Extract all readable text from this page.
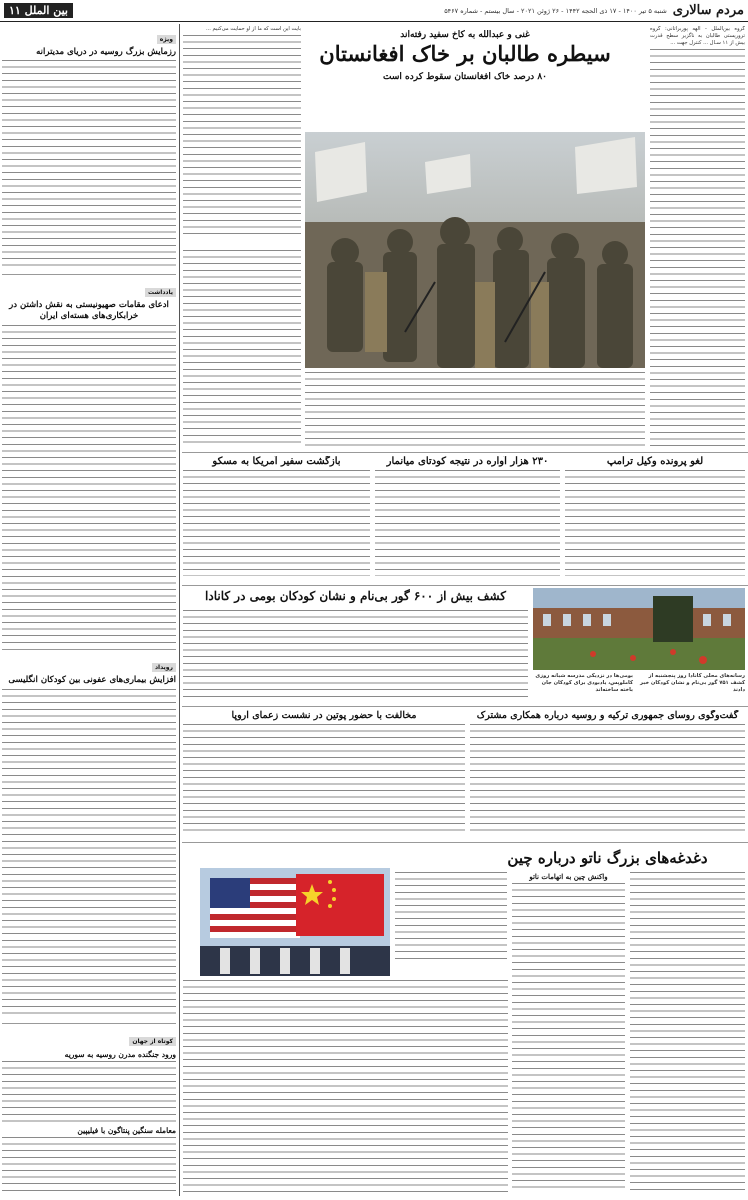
مردم سالاری
شنبه ۵ تیر ۱۴۰۰ - ۱۷ ذی الحجه ۱۴۴۲ - ۲۶ ژوئن ۲۰۲۱ - سال بیستم - شماره ۵۴۶۷
بین الملل ۱۱
ویژه
رزمایش بزرگ روسیه در دریای مدیترانه
یادداشت
ادعای مقامات صهیونیستی به نقش داشتن در خرابکاری‌های هسته‌ای ایران
رویداد
افزایش بیماری‌های عفونی بین کودکان انگلیسی
کوتاه از جهان
ورود جنگنده مدرن روسیه به سوریه
معامله سنگین پنتاگون با فیلیپین
غنی و عبدالله به کاخ سفید رفته‌اند
سیطره طالبان بر خاک افغانستان
۸۰ درصد خاک افغانستان سقوط کرده است
گروه بین‌الملل - الهه پوربراتانی: گروه تروریستی طالبان به ناگزیر سطح قدرت بیش از ۱۱ سـال ... کنترل جهت ...
بایت این است که ما از او حمایت می‌کنیم ...
لغو پرونده وکیل ترامپ
۲۳۰ هزار آواره در نتیجه کودتای میانمار
بازگشت سفیر آمریکا به مسکو
کشف بیش از ۶۰۰ گور بی‌نام و نشان کودکان بومی در کانادا
رسانه‌های محلی کانادا روز پنجشنبه از کشف ۷۵۱ گور بی‌نام و نشان کودکان خبر دادند
بومی‌ها در نزدیکی مدرسه شبانه روزی کاملوپس، یادبودی برای کودکان جان باخته ساخته‌اند
گفت‌وگوی روسای جمهوری ترکیه و روسیه درباره همکاری مشترک
مخالفت با حضور پوتین در نشست زعمای اروپا
دغدغه‌های بزرگ ناتو درباره چین
واکنش چین به اتهامات ناتو
